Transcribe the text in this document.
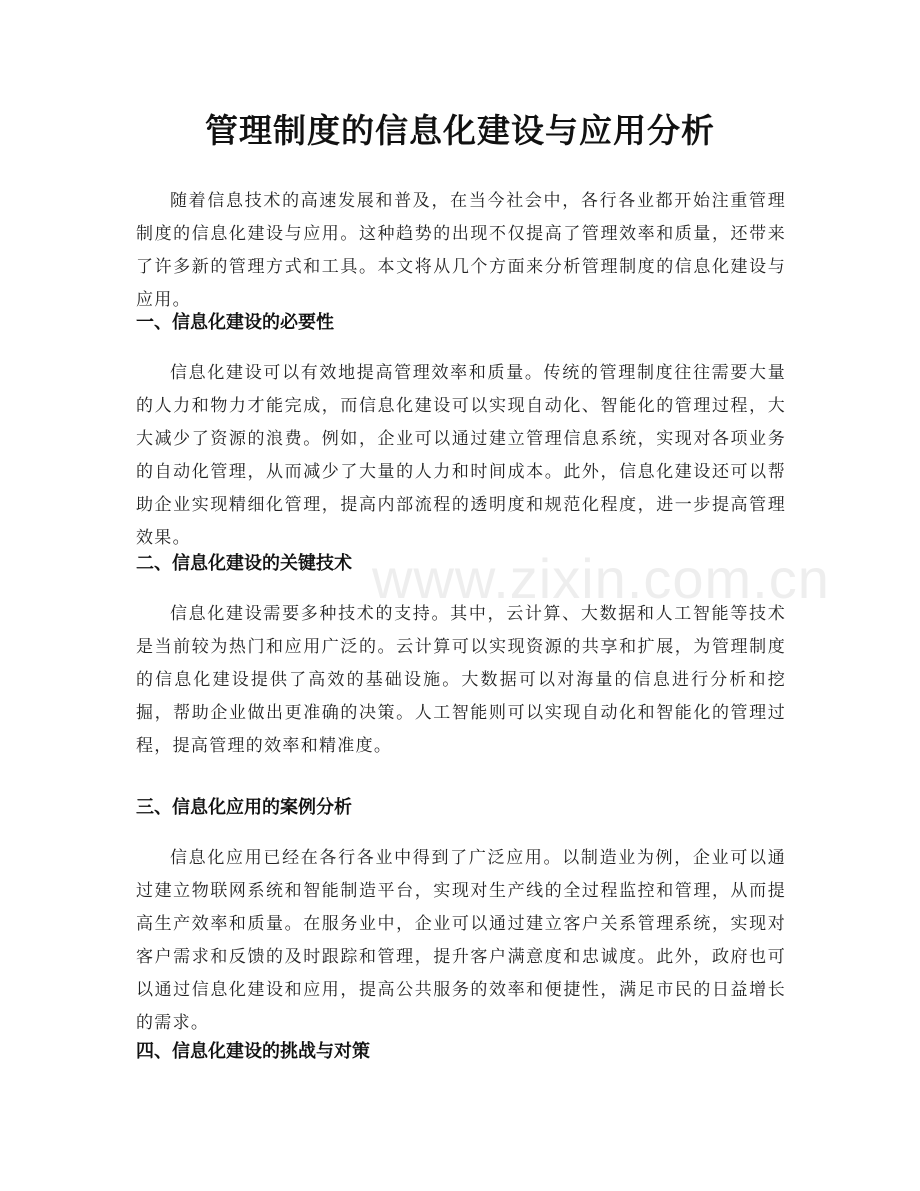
www.zixin.com.cn
管理制度的信息化建设与应用分析
随着信息技术的高速发展和普及，在当今社会中，各行各业都开始注重管理制度的信息化建设与应用。这种趋势的出现不仅提高了管理效率和质量，还带来了许多新的管理方式和工具。本文将从几个方面来分析管理制度的信息化建设与应用。
一、信息化建设的必要性
信息化建设可以有效地提高管理效率和质量。传统的管理制度往往需要大量的人力和物力才能完成，而信息化建设可以实现自动化、智能化的管理过程，大大减少了资源的浪费。例如，企业可以通过建立管理信息系统，实现对各项业务的自动化管理，从而减少了大量的人力和时间成本。此外，信息化建设还可以帮助企业实现精细化管理，提高内部流程的透明度和规范化程度，进一步提高管理效果。
二、信息化建设的关键技术
信息化建设需要多种技术的支持。其中，云计算、大数据和人工智能等技术是当前较为热门和应用广泛的。云计算可以实现资源的共享和扩展，为管理制度的信息化建设提供了高效的基础设施。大数据可以对海量的信息进行分析和挖掘，帮助企业做出更准确的决策。人工智能则可以实现自动化和智能化的管理过程，提高管理的效率和精准度。
三、信息化应用的案例分析
信息化应用已经在各行各业中得到了广泛应用。以制造业为例，企业可以通过建立物联网系统和智能制造平台，实现对生产线的全过程监控和管理，从而提高生产效率和质量。在服务业中，企业可以通过建立客户关系管理系统，实现对客户需求和反馈的及时跟踪和管理，提升客户满意度和忠诚度。此外，政府也可以通过信息化建设和应用，提高公共服务的效率和便捷性，满足市民的日益增长的需求。
四、信息化建设的挑战与对策
